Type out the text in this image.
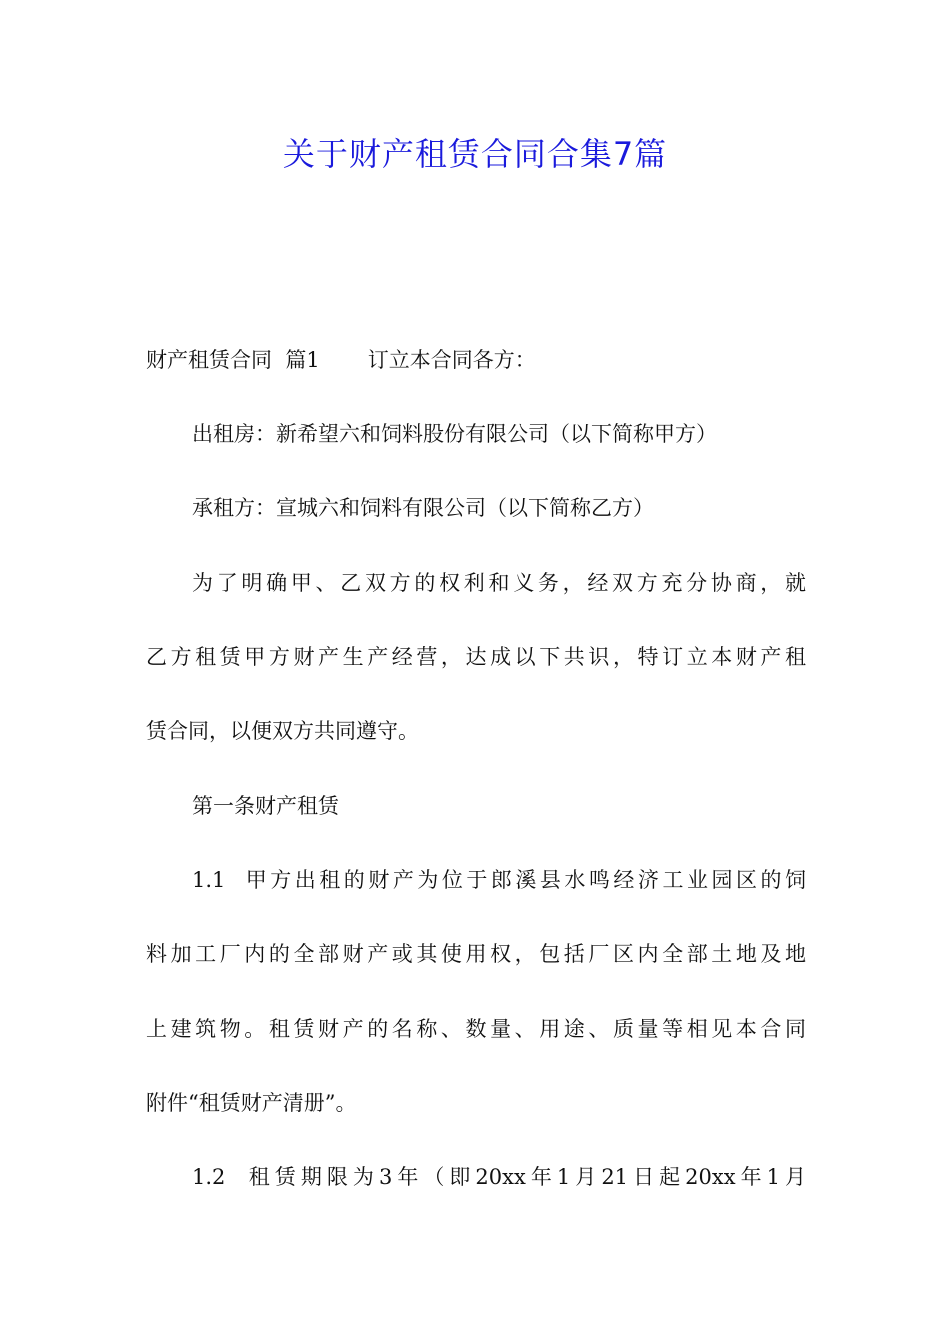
关于财产租赁合同合集7篇
财产租赁合同  篇1 订立本合同各方：
出租房：新希望六和饲料股份有限公司（以下简称甲方）
承租方：宣城六和饲料有限公司（以下简称乙方）
为了明确甲、乙双方的权利和义务，经双方充分协商，就
乙方租赁甲方财产生产经营，达成以下共识，特订立本财产租
赁合同，以便双方共同遵守。
第一条财产租赁
1.1  甲方出租的财产为位于郎溪县水鸣经济工业园区的饲
料加工厂内的全部财产或其使用权，包括厂区内全部土地及地
上建筑物。租赁财产的名称、数量、用途、质量等相见本合同
附件“租赁财产清册”。
1.2  租赁期限为3年（即20xx年1月21日起20xx年1月
